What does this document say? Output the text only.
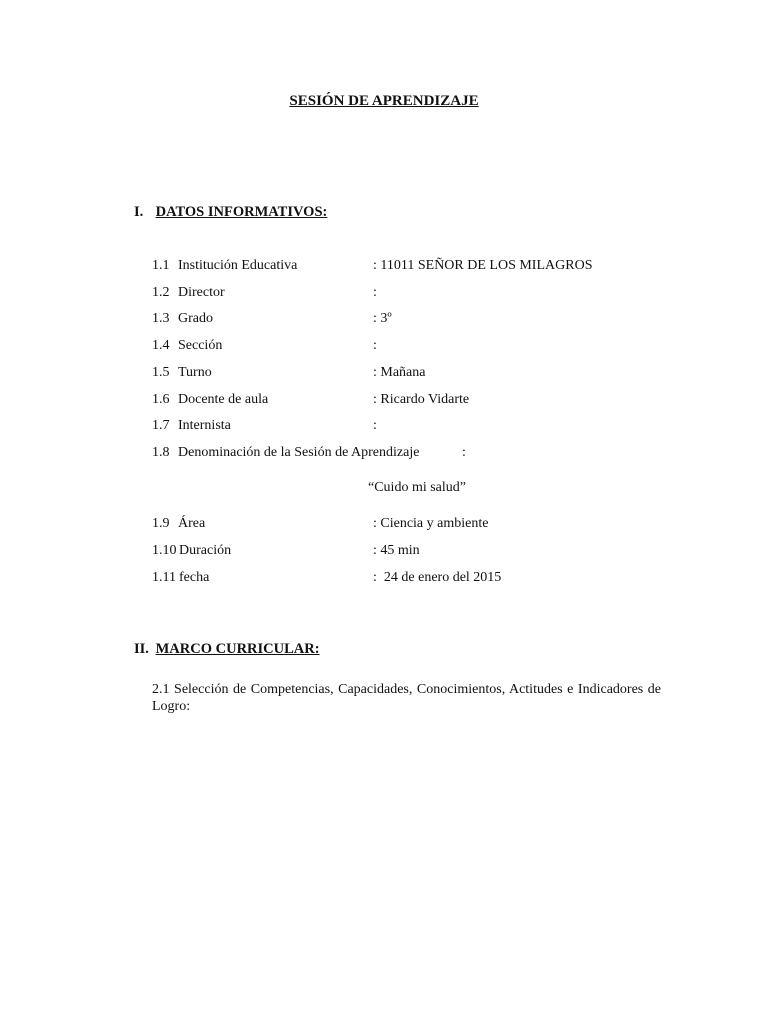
SESIÓN DE APRENDIZAJE
I. DATOS INFORMATIVOS:
1.1 Institución Educativa	: 11011 SEÑOR DE LOS MILAGROS
1.2 Director	:
1.3 Grado	: 3º
1.4 Sección	:
1.5 Turno	: Mañana
1.6 Docente de aula	: Ricardo Vidarte
1.7 Internista	:
1.8 Denominación de la Sesión de Aprendizaje	:
“Cuido mi salud”
1.9 Área	: Ciencia y ambiente
1.10 Duración	: 45 min
1.11 fecha	:  24 de enero del 2015
II. MARCO CURRICULAR:
2.1 Selección de Competencias, Capacidades, Conocimientos, Actitudes e Indicadores de Logro:
